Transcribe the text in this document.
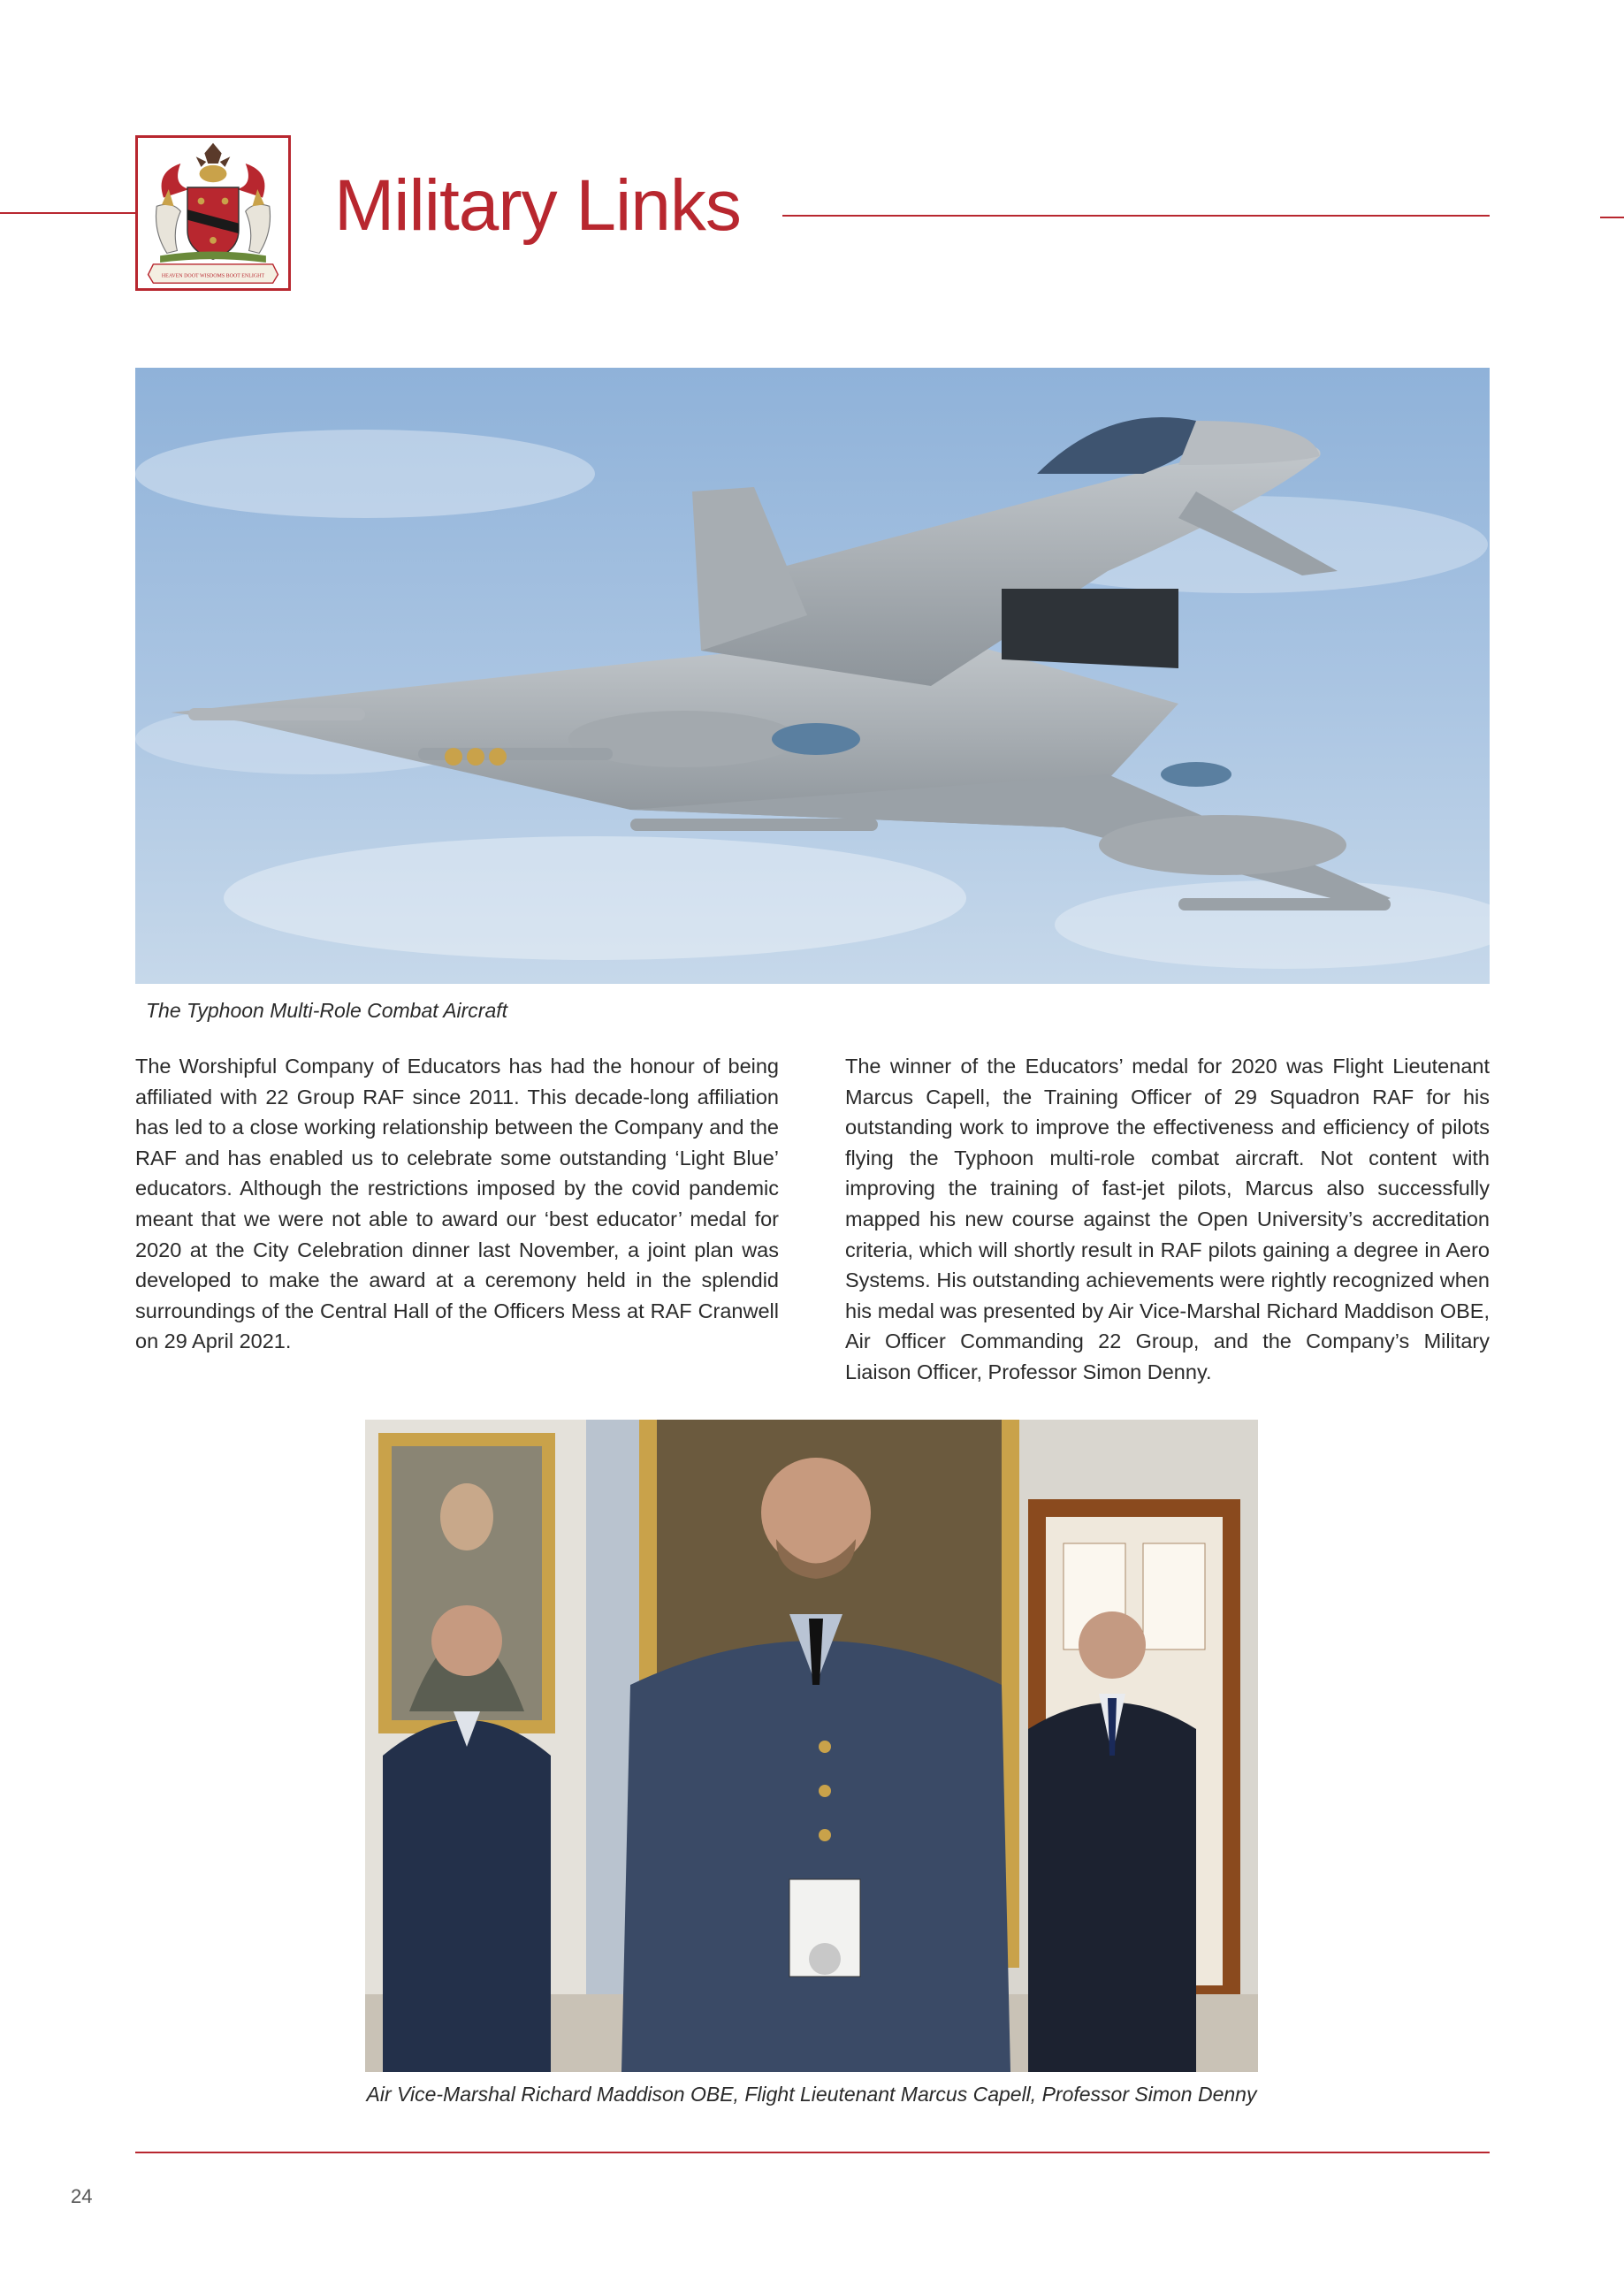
HEAVEN DOOT WISDOMS BOOT ENLIGHT
Military Links
The Typhoon Multi-Role Combat Aircraft
The Worshipful Company of Educators has had the honour of being affiliated with 22 Group RAF since 2011. This decade-long affiliation has led to a close working relationship between the Company and the RAF and has enabled us to celebrate some outstanding ‘Light Blue’ educators. Although the restrictions imposed by the covid pandemic meant that we were not able to award our ‘best educator’ medal for 2020 at the City Celebration dinner last November, a joint plan was developed to make the award at a ceremony held in the splendid surroundings of the Central Hall of the Officers Mess at RAF Cranwell on 29 April 2021.
The winner of the Educators’ medal for 2020 was Flight Lieutenant Marcus Capell, the Training Officer of 29 Squadron RAF for his outstanding work to improve the effectiveness and efficiency of pilots flying the Typhoon multi-role combat aircraft. Not content with improving the training of fast-jet pilots, Marcus also successfully mapped his new course against the Open University’s accreditation criteria, which will shortly result in RAF pilots gaining a degree in Aero Systems. His outstanding achievements were rightly recognized when his medal was presented by Air Vice-Marshal Richard Maddison OBE, Air Officer Commanding 22 Group, and the Company’s Military Liaison Officer, Professor Simon Denny.
Air Vice-Marshal Richard Maddison OBE, Flight Lieutenant Marcus Capell, Professor Simon Denny
24
